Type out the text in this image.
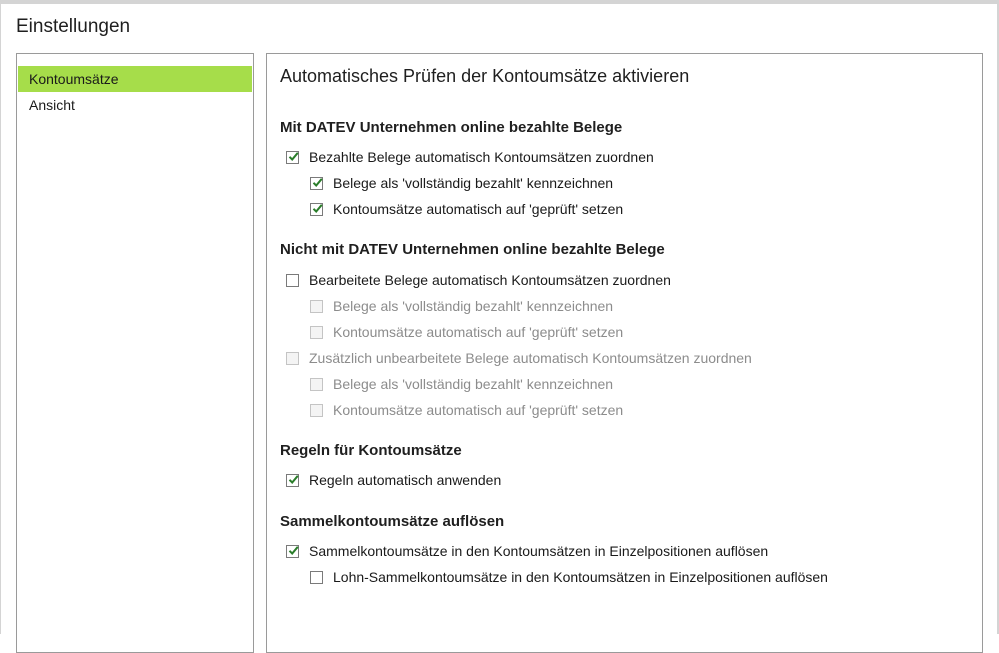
Einstellungen
Kontoumsätze
Ansicht
Automatisches Prüfen der Kontoumsätze aktivieren
Mit DATEV Unternehmen online bezahlte Belege
Bezahlte Belege automatisch Kontoumsätzen zuordnen
Belege als 'vollständig bezahlt' kennzeichnen
Kontoumsätze automatisch auf 'geprüft' setzen
Nicht mit DATEV Unternehmen online bezahlte Belege
Bearbeitete Belege automatisch Kontoumsätzen zuordnen
Belege als 'vollständig bezahlt' kennzeichnen
Kontoumsätze automatisch auf 'geprüft' setzen
Zusätzlich unbearbeitete Belege automatisch Kontoumsätzen zuordnen
Belege als 'vollständig bezahlt' kennzeichnen
Kontoumsätze automatisch auf 'geprüft' setzen
Regeln für Kontoumsätze
Regeln automatisch anwenden
Sammelkontoumsätze auflösen
Sammelkontoumsätze in den Kontoumsätzen in Einzelpositionen auflösen
Lohn-Sammelkontoumsätze in den Kontoumsätzen in Einzelpositionen auflösen
